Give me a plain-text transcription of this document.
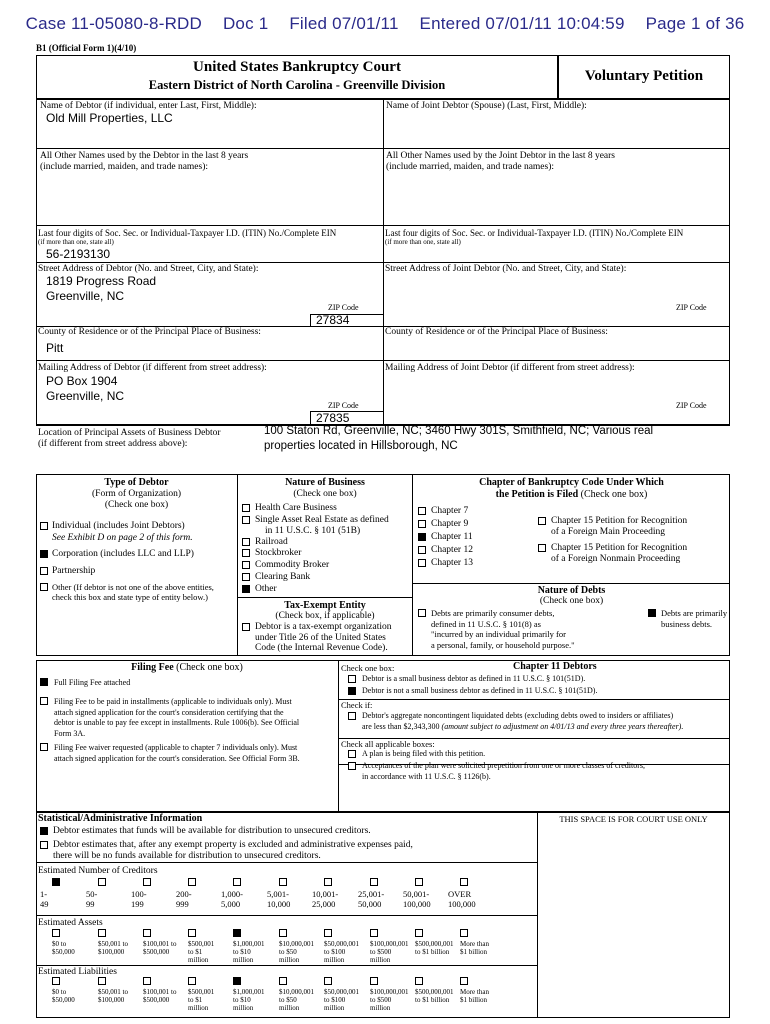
Case 11-05080-8-RDD Doc 1 Filed 07/01/11 Entered 07/01/11 10:04:59 Page 1 of 36
B1 (Official Form 1)(4/10)
United States Bankruptcy Court
Eastern District of North Carolina - Greenville Division
Voluntary Petition
Name of Debtor (if individual, enter Last, First, Middle):
Old Mill Properties, LLC
All Other Names used by the Debtor in the last 8 years
(include married, maiden, and trade names):
Last four digits of Soc. Sec. or Individual-Taxpayer I.D. (ITIN) No./Complete EIN
(if more than one, state all)
56-2193130
Street Address of Debtor (No. and Street, City, and State):
1819 Progress Road
Greenville, NC
ZIP Code
27834
County of Residence or of the Principal Place of Business:
Pitt
Mailing Address of Debtor (if different from street address):
PO Box 1904
Greenville, NC
ZIP Code
27835
Name of Joint Debtor (Spouse) (Last, First, Middle):
All Other Names used by the Joint Debtor in the last 8 years
(include married, maiden, and trade names):
Last four digits of Soc. Sec. or Individual-Taxpayer I.D. (ITIN) No./Complete EIN
(if more than one, state all)
Street Address of Joint Debtor (No. and Street, City, and State):
ZIP Code
County of Residence or of the Principal Place of Business:
Mailing Address of Joint Debtor (if different from street address):
ZIP Code
Location of Principal Assets of Business Debtor
(if different from street address above):
100 Staton Rd, Greenville, NC; 3460 Hwy 301S, Smithfield, NC; Various real
properties located in Hillsborough, NC
Type of Debtor
(Form of Organization)
(Check one box)
Individual (includes Joint Debtors)
See Exhibit D on page 2 of this form.
Corporation (includes LLC and LLP)
Partnership
Other (If debtor is not one of the above entities,
check this box and state type of entity below.)
Nature of Business
(Check one box)
Health Care Business
Single Asset Real Estate as defined
in 11 U.S.C. § 101 (51B)
Railroad
Stockbroker
Commodity Broker
Clearing Bank
Other
Tax-Exempt Entity
(Check box, if applicable)
Debtor is a tax-exempt organization
under Title 26 of the United States
Code (the Internal Revenue Code).
Chapter of Bankruptcy Code Under Which
the Petition is Filed (Check one box)
Chapter 7
Chapter 9
Chapter 11
Chapter 12
Chapter 13
Chapter 15 Petition for Recognition
of a Foreign Main Proceeding
Chapter 15 Petition for Recognition
of a Foreign Nonmain Proceeding
Nature of Debts
(Check one box)
Debts are primarily consumer debts,
defined in 11 U.S.C. § 101(8) as
"incurred by an individual primarily for
a personal, family, or household purpose."
Debts are primarily
business debts.
Filing Fee (Check one box)
Full Filing Fee attached
Filing Fee to be paid in installments (applicable to individuals only). Must
attach signed application for the court's consideration certifying that the
debtor is unable to pay fee except in installments. Rule 1006(b). See Official
Form 3A.
Filing Fee waiver requested (applicable to chapter 7 individuals only). Must
attach signed application for the court's consideration. See Official Form 3B.
Check one box:	Chapter 11 Debtors
Debtor is a small business debtor as defined in 11 U.S.C. § 101(51D).
Debtor is not a small business debtor as defined in 11 U.S.C. § 101(51D).
Check if:
Debtor's aggregate noncontingent liquidated debts (excluding debts owed to insiders or affiliates)
are less than $2,343,300 (amount subject to adjustment on 4/01/13 and every three years thereafter).
Check all applicable boxes:
A plan is being filed with this petition.
Acceptances of the plan were solicited prepetition from one or more classes of creditors,
in accordance with 11 U.S.C. § 1126(b).
Statistical/Administrative Information	THIS SPACE IS FOR COURT USE ONLY
Debtor estimates that funds will be available for distribution to unsecured creditors.
Debtor estimates that, after any exempt property is excluded and administrative expenses paid,
there will be no funds available for distribution to unsecured creditors.
Estimated Number of Creditors
1-
49
50-
99
100-
199
200-
999
1,000-
5,000
5,001-
10,000
10,001-
25,000
25,001-
50,000
50,001-
100,000
OVER
100,000
Estimated Assets
$0 to
$50,000
$50,001 to
$100,000
$100,001 to
$500,000
$500,001
to $1
million
$1,000,001
to $10
million
$10,000,001
to $50
million
$50,000,001
to $100
million
$100,000,001
to $500
million
$500,000,001
to $1 billion
More than
$1 billion
Estimated Liabilities
$0 to
$50,000
$50,001 to
$100,000
$100,001 to
$500,000
$500,001
to $1
million
$1,000,001
to $10
million
$10,000,001
to $50
million
$50,000,001
to $100
million
$100,000,001
to $500
million
$500,000,001
to $1 billion
More than
$1 billion
